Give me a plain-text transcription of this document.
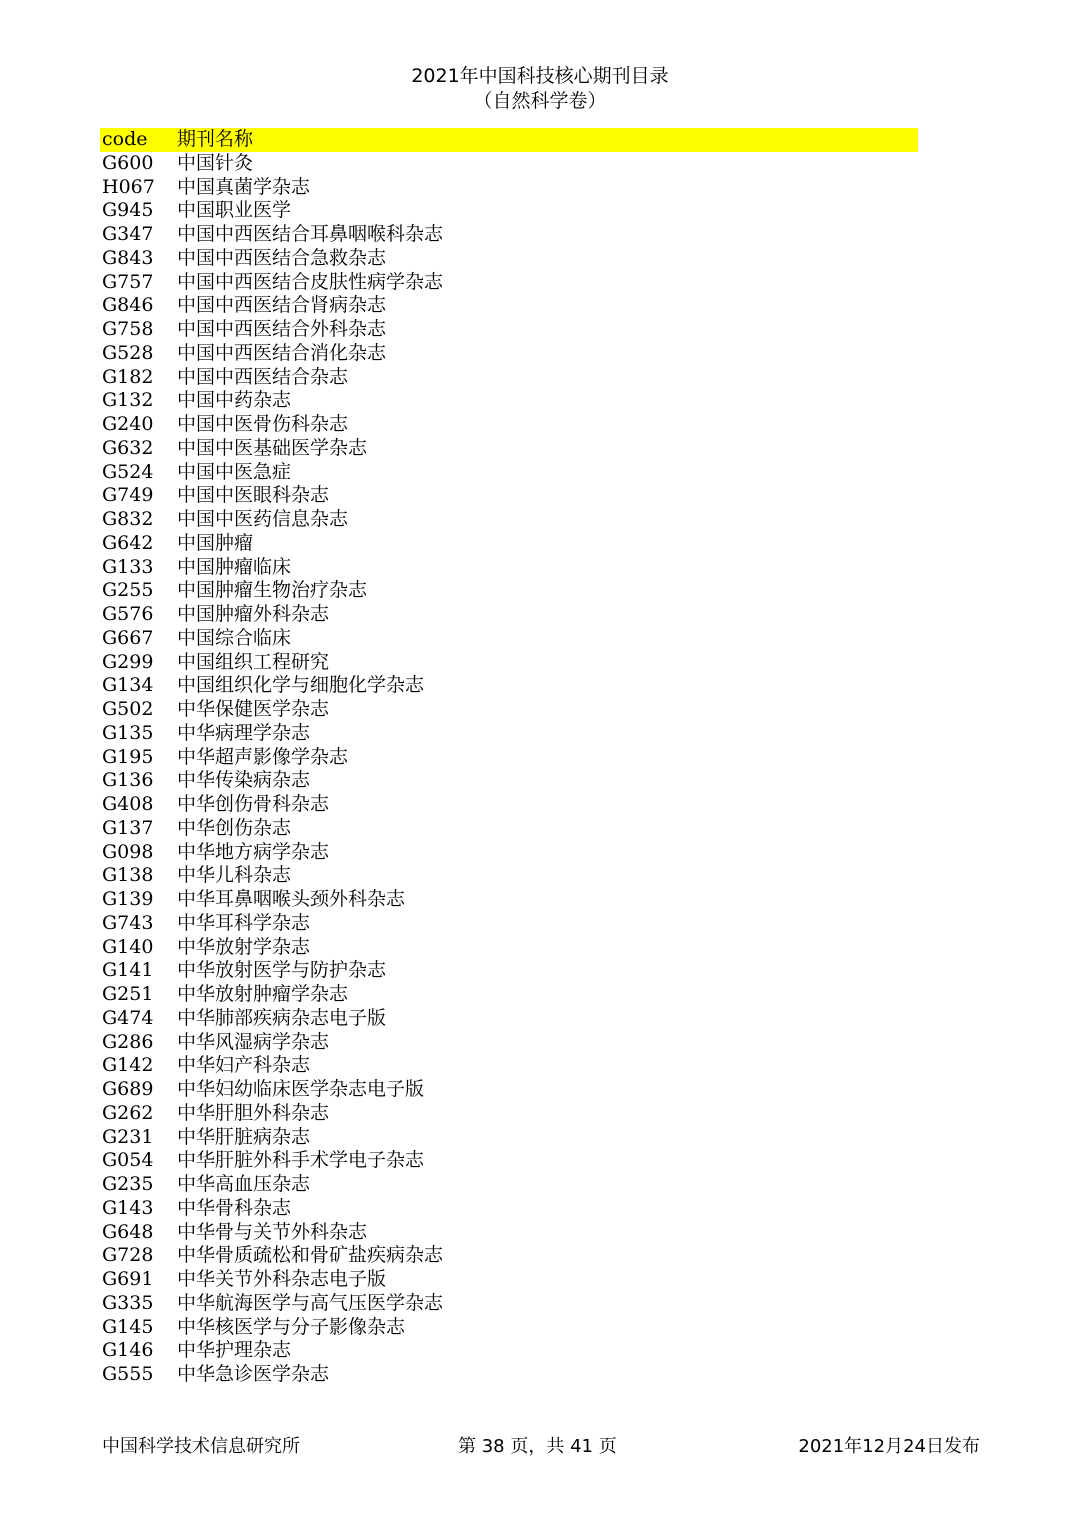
2021年中国科技核心期刊目录
（自然科学卷）
code	期刊名称
G600	中国针灸
H067	中国真菌学杂志
G945	中国职业医学
G347	中国中西医结合耳鼻咽喉科杂志
G843	中国中西医结合急救杂志
G757	中国中西医结合皮肤性病学杂志
G846	中国中西医结合肾病杂志
G758	中国中西医结合外科杂志
G528	中国中西医结合消化杂志
G182	中国中西医结合杂志
G132	中国中药杂志
G240	中国中医骨伤科杂志
G632	中国中医基础医学杂志
G524	中国中医急症
G749	中国中医眼科杂志
G832	中国中医药信息杂志
G642	中国肿瘤
G133	中国肿瘤临床
G255	中国肿瘤生物治疗杂志
G576	中国肿瘤外科杂志
G667	中国综合临床
G299	中国组织工程研究
G134	中国组织化学与细胞化学杂志
G502	中华保健医学杂志
G135	中华病理学杂志
G195	中华超声影像学杂志
G136	中华传染病杂志
G408	中华创伤骨科杂志
G137	中华创伤杂志
G098	中华地方病学杂志
G138	中华儿科杂志
G139	中华耳鼻咽喉头颈外科杂志
G743	中华耳科学杂志
G140	中华放射学杂志
G141	中华放射医学与防护杂志
G251	中华放射肿瘤学杂志
G474	中华肺部疾病杂志电子版
G286	中华风湿病学杂志
G142	中华妇产科杂志
G689	中华妇幼临床医学杂志电子版
G262	中华肝胆外科杂志
G231	中华肝脏病杂志
G054	中华肝脏外科手术学电子杂志
G235	中华高血压杂志
G143	中华骨科杂志
G648	中华骨与关节外科杂志
G728	中华骨质疏松和骨矿盐疾病杂志
G691	中华关节外科杂志电子版
G335	中华航海医学与高气压医学杂志
G145	中华核医学与分子影像杂志
G146	中华护理杂志
G555	中华急诊医学杂志
中国科学技术信息研究所	第 38 页，共 41 页	2021年12月24日发布
